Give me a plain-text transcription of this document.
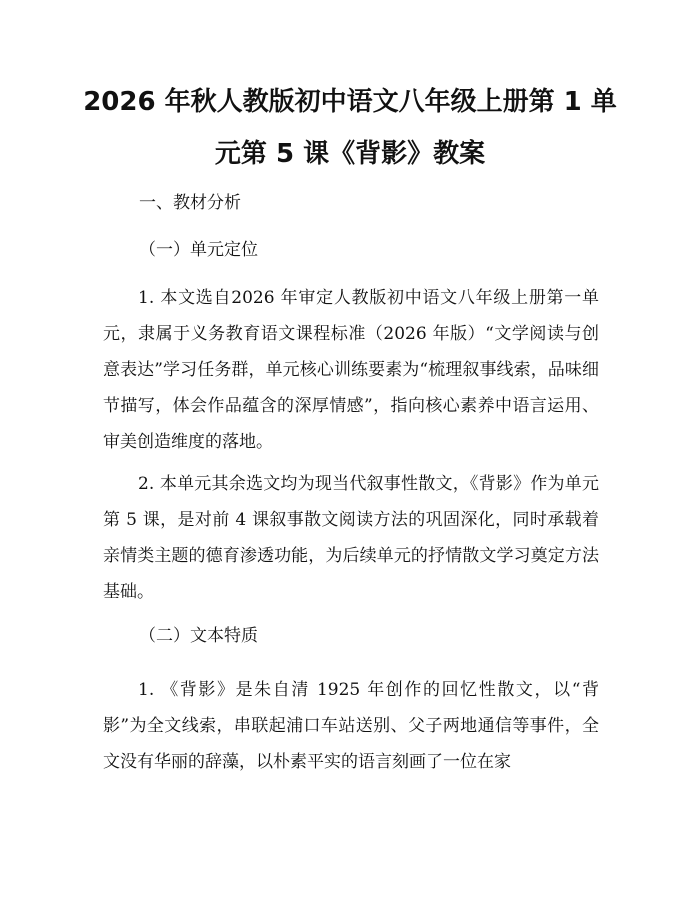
2026 年秋人教版初中语文八年级上册第 1 单
元第 5 课《背影》教案
一、教材分析
（一）单元定位

1. 本文选自2026 年审定人教版初中语文八年级上册第一单元，隶属于义务教育语文课程标准（2026 年版）“文学阅读与创意表达”学习任务群，单元核心训练要素为“梳理叙事线索，品味细节描写，体会作品蕴含的深厚情感”，指向核心素养中语言运用、审美创造维度的落地。

2. 本单元其余选文均为现当代叙事性散文，《背影》作为单元第 5 课，是对前 4 课叙事散文阅读方法的巩固深化，同时承载着亲情类主题的德育渗透功能，为后续单元的抒情散文学习奠定方法基础。

（二）文本特质

1. 《背影》是朱自清 1925 年创作的回忆性散文，以“背影”为全文线索，串联起浦口车站送别、父子两地通信等事件，全文没有华丽的辞藻，以朴素平实的语言刻画了一位在家
